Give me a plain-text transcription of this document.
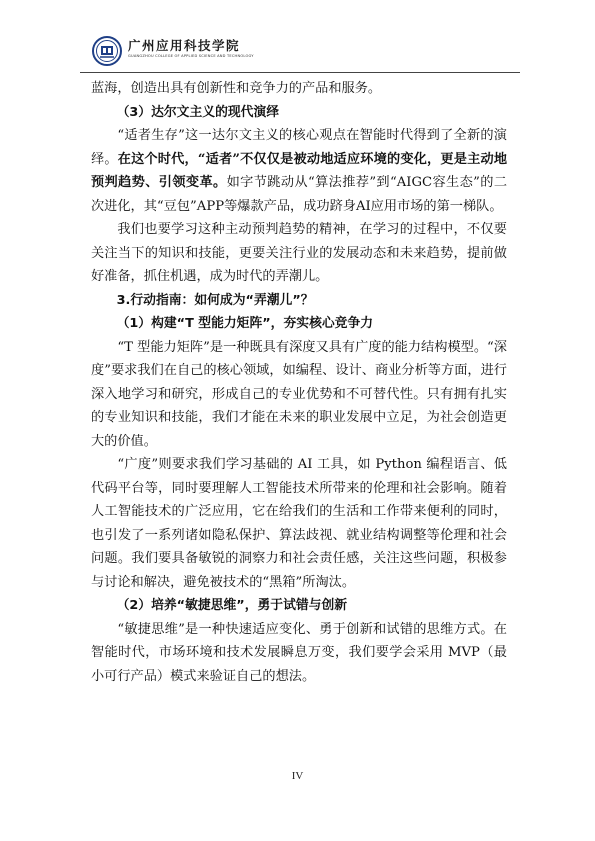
广州应用科技学院
GUANGZHOU COLLEGE OF APPLIED SCIENCE AND TECHNOLOGY

蓝海，创造出具有创新性和竞争力的产品和服务。

（3）达尔文主义的现代演绎

“适者生存”这一达尔文主义的核心观点在智能时代得到了全新的演绎。在这个时代，“适者”不仅仅是被动地适应环境的变化，更是主动地预判趋势、引领变革。如字节跳动从“算法推荐”到“AIGC容生态”的二次进化，其“豆包”APP等爆款产品，成功跻身AI应用市场的第一梯队。

我们也要学习这种主动预判趋势的精神，在学习的过程中，不仅要关注当下的知识和技能，更要关注行业的发展动态和未来趋势，提前做好准备，抓住机遇，成为时代的弄潮儿。

3.行动指南：如何成为“弄潮儿”？

（1）构建“T 型能力矩阵”，夯实核心竞争力

“T 型能力矩阵”是一种既具有深度又具有广度的能力结构模型。“深度”要求我们在自己的核心领域，如编程、设计、商业分析等方面，进行深入地学习和研究，形成自己的专业优势和不可替代性。只有拥有扎实的专业知识和技能，我们才能在未来的职业发展中立足，为社会创造更大的价值。

“广度”则要求我们学习基础的 AI 工具，如 Python 编程语言、低代码平台等，同时要理解人工智能技术所带来的伦理和社会影响。随着人工智能技术的广泛应用，它在给我们的生活和工作带来便利的同时，也引发了一系列诸如隐私保护、算法歧视、就业结构调整等伦理和社会问题。我们要具备敏锐的洞察力和社会责任感，关注这些问题，积极参与讨论和解决，避免被技术的“黑箱”所淘汰。

（2）培养“敏捷思维”，勇于试错与创新

“敏捷思维”是一种快速适应变化、勇于创新和试错的思维方式。在智能时代，市场环境和技术发展瞬息万变，我们要学会采用 MVP（最小可行产品）模式来验证自己的想法。

IV
